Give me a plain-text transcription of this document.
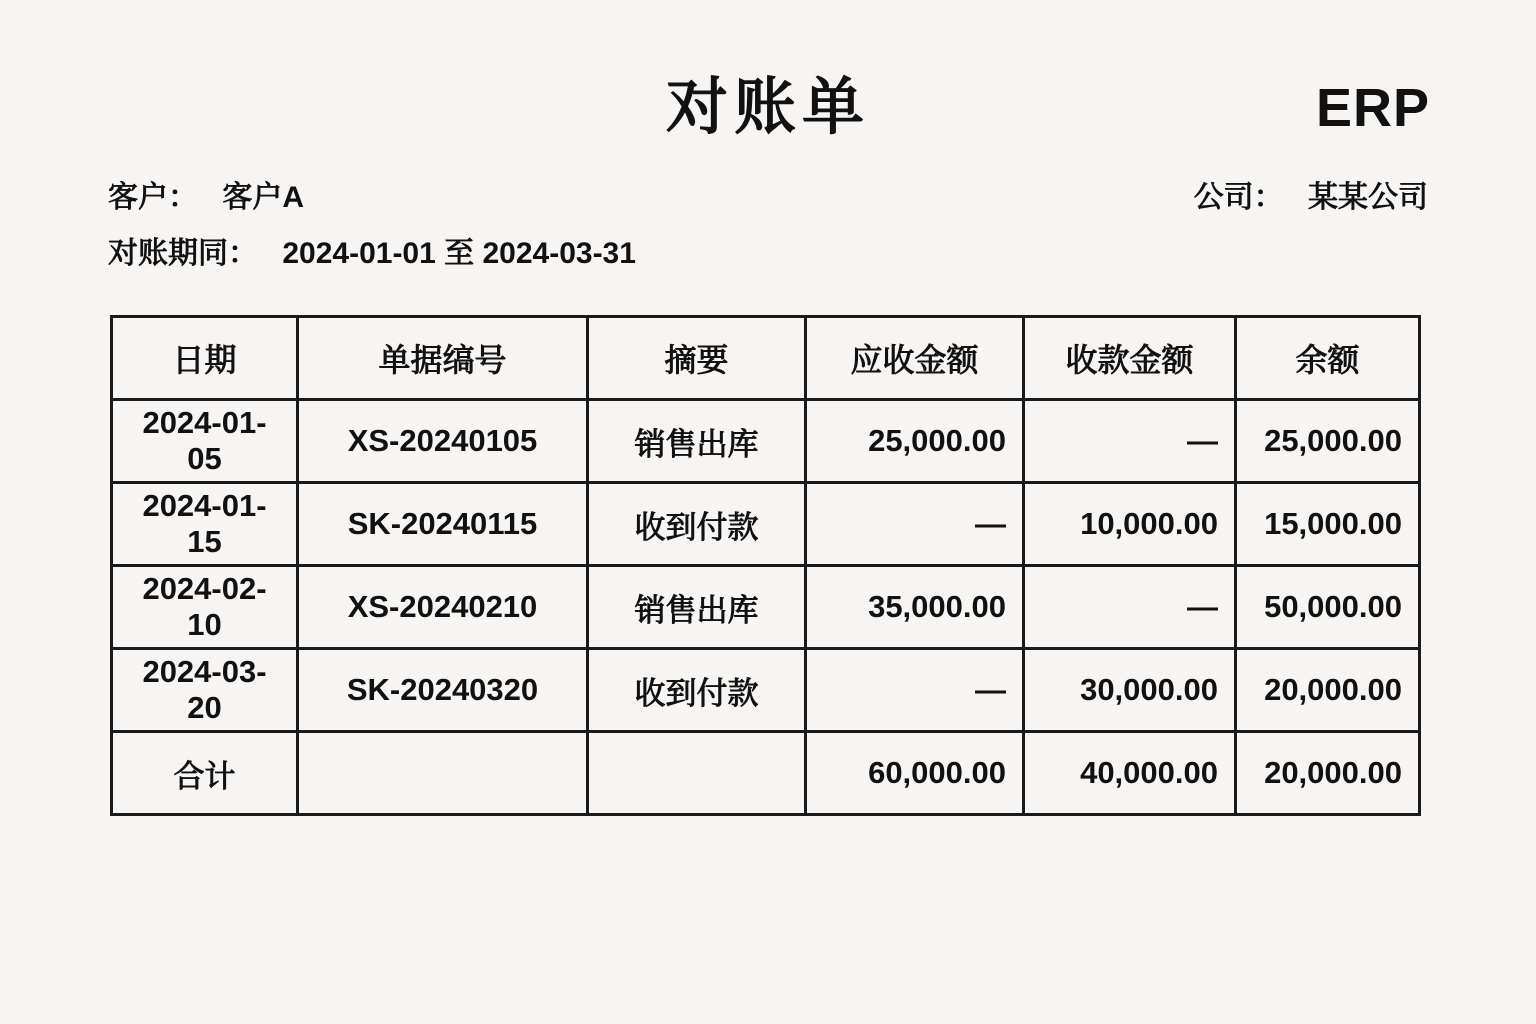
对账单	ERP
客户： 客户A	公司： 某某公司
对账期同： 2024-01-01 至 2024-03-31
日期	单据缟号	摘要	应收金额	收款金额	余额
2024-01-05	XS-20240105	销售出库	25,000.00	—	25,000.00
2024-01-15	SK-20240115	收到付款	—	10,000.00	15,000.00
2024-02-10	XS-20240210	销售出库	35,000.00	—	50,000.00
2024-03-20	SK-20240320	收到付款	—	30,000.00	20,000.00
合计			60,000.00	40,000.00	20,000.00
